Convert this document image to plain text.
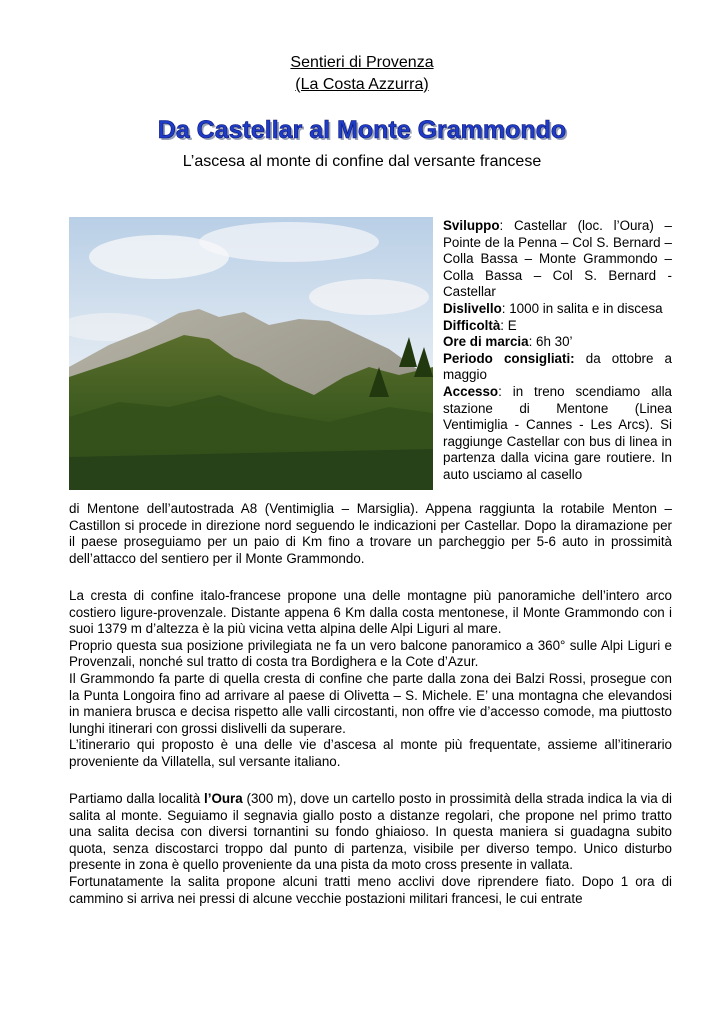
Sentieri di Provenza
(La Costa Azzurra)
Da Castellar al Monte Grammondo
L’ascesa al monte di confine dal versante francese

Sviluppo: Castellar (loc. l’Oura) – Pointe de la Penna – Col S. Bernard – Colla Bassa – Monte Grammondo – Colla Bassa – Col S. Bernard - Castellar

Dislivello: 1000 in salita e in discesa

Difficoltà: E

Ore di marcia: 6h 30’

Periodo consigliati: da ottobre a maggio

Accesso: in treno scendiamo alla stazione di Mentone (Linea Ventimiglia - Cannes - Les Arcs). Si raggiunge Castellar con bus di linea in partenza dalla vicina gare routiere. In auto usciamo al casello

di Mentone dell’autostrada A8 (Ventimiglia – Marsiglia). Appena raggiunta la rotabile Menton – Castillon si procede in direzione nord seguendo le indicazioni per Castellar. Dopo la diramazione per il paese proseguiamo per un paio di Km fino a trovare un parcheggio per 5-6 auto in prossimità dell’attacco del sentiero per il Monte Grammondo.

La cresta di confine italo-francese propone una delle montagne più panoramiche dell’intero arco costiero ligure-provenzale. Distante appena 6 Km dalla costa mentonese, il Monte Grammondo con i suoi 1379 m d’altezza è la più vicina vetta alpina delle Alpi Liguri al mare.

Proprio questa sua posizione privilegiata ne fa un vero balcone panoramico a 360° sulle Alpi Liguri e Provenzali, nonché sul tratto di costa tra Bordighera e la Cote d’Azur.

Il Grammondo fa parte di quella cresta di confine che parte dalla zona dei Balzi Rossi, prosegue con la Punta Longoira fino ad arrivare al paese di Olivetta – S. Michele. E’ una montagna che elevandosi in maniera brusca e decisa rispetto alle valli circostanti, non offre vie d’accesso comode, ma piuttosto lunghi itinerari con grossi dislivelli da superare.

L’itinerario qui proposto è una delle vie d’ascesa al monte più frequentate, assieme all’itinerario proveniente da Villatella, sul versante italiano.

Partiamo dalla località l’Oura (300 m), dove un cartello posto in prossimità della strada indica la via di salita al monte. Seguiamo il segnavia giallo posto a distanze regolari, che propone nel primo tratto una salita decisa con diversi tornantini su fondo ghiaioso. In questa maniera si guadagna subito quota, senza discostarci troppo dal punto di partenza, visibile per diverso tempo. Unico disturbo presente in zona è quello proveniente da una pista da moto cross presente in vallata.

Fortunatamente la salita propone alcuni tratti meno acclivi dove riprendere fiato. Dopo 1 ora di cammino si arriva nei pressi di alcune vecchie postazioni militari francesi, le cui entrate
